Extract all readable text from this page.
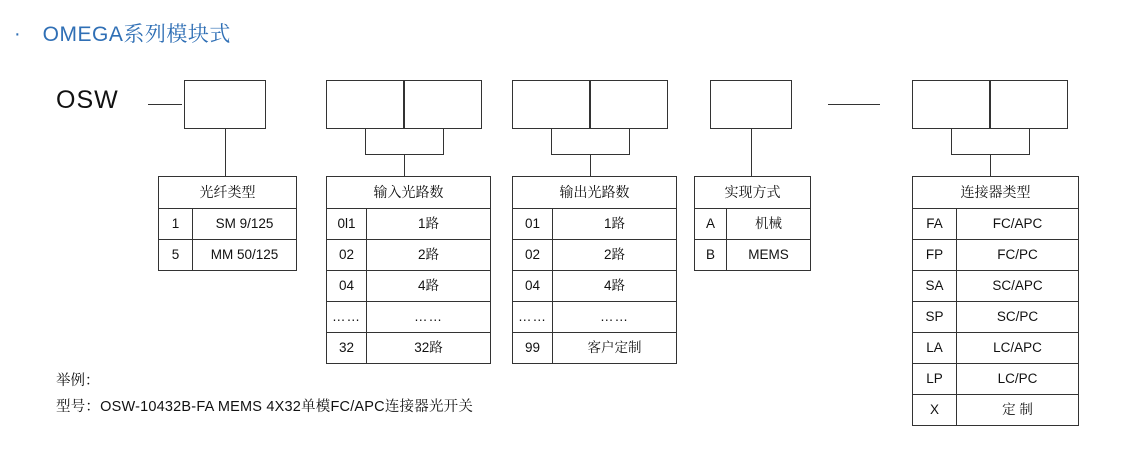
· OMEGA系列模块式
OSW
光纤类型	
1	SM 9/125
5	MM 50/125
输入光路数	
0l1	1路
02	2路
04	4路
……	……
32	32路
输出光路数	
01	1路
02	2路
04	4路
……	……
99	客户定制
实现方式	
A	机械
B	MEMS
连接器类型	
FA	FC/APC
FP	FC/PC
SA	SC/APC
SP	SC/PC
LA	LC/APC
LP	LC/PC
X	定 制
举例：
型号：OSW-10432B-FA MEMS 4X32单模FC/APC连接器光开关
